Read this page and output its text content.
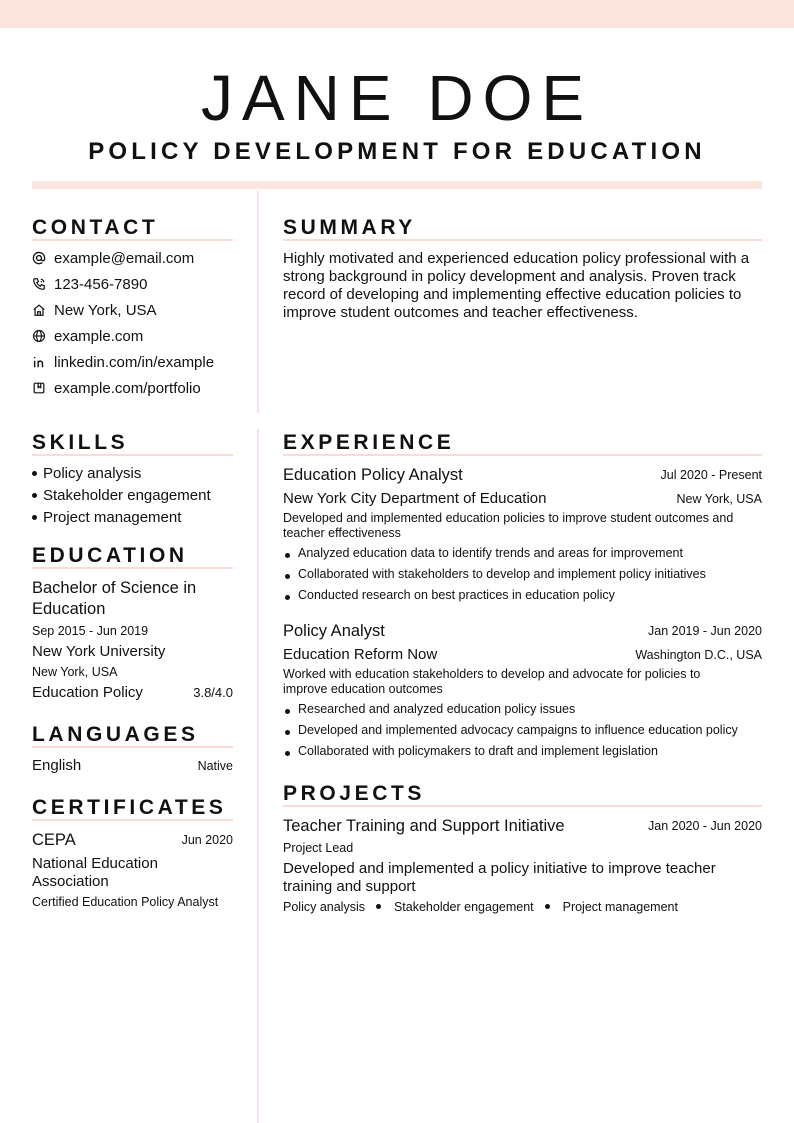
JANE DOE
POLICY DEVELOPMENT FOR EDUCATION
CONTACT
example@email.com
123-456-7890
New York, USA
example.com
linkedin.com/in/example
example.com/portfolio
SUMMARY
Highly motivated and experienced education policy professional with a
strong background in policy development and analysis. Proven track
record of developing and implementing effective education policies to
improve student outcomes and teacher effectiveness.
SKILLS
Policy analysis
Stakeholder engagement
Project management
EDUCATION
Bachelor of Science in
Education
Sep 2015 - Jun 2019
New York University
New York, USA
Education Policy	3.8/4.0
LANGUAGES
English	Native
CERTIFICATES
CEPA	Jun 2020
National Education
Association
Certified Education Policy Analyst
EXPERIENCE
Education Policy Analyst	Jul 2020 - Present
New York City Department of Education	New York, USA
Developed and implemented education policies to improve student outcomes and
teacher effectiveness
Analyzed education data to identify trends and areas for improvement
Collaborated with stakeholders to develop and implement policy initiatives
Conducted research on best practices in education policy
Policy Analyst	Jan 2019 - Jun 2020
Education Reform Now	Washington D.C., USA
Worked with education stakeholders to develop and advocate for policies to
improve education outcomes
Researched and analyzed education policy issues
Developed and implemented advocacy campaigns to influence education policy
Collaborated with policymakers to draft and implement legislation
PROJECTS
Teacher Training and Support Initiative	Jan 2020 - Jun 2020
Project Lead
Developed and implemented a policy initiative to improve teacher
training and support
Policy analysis Stakeholder engagement Project management
